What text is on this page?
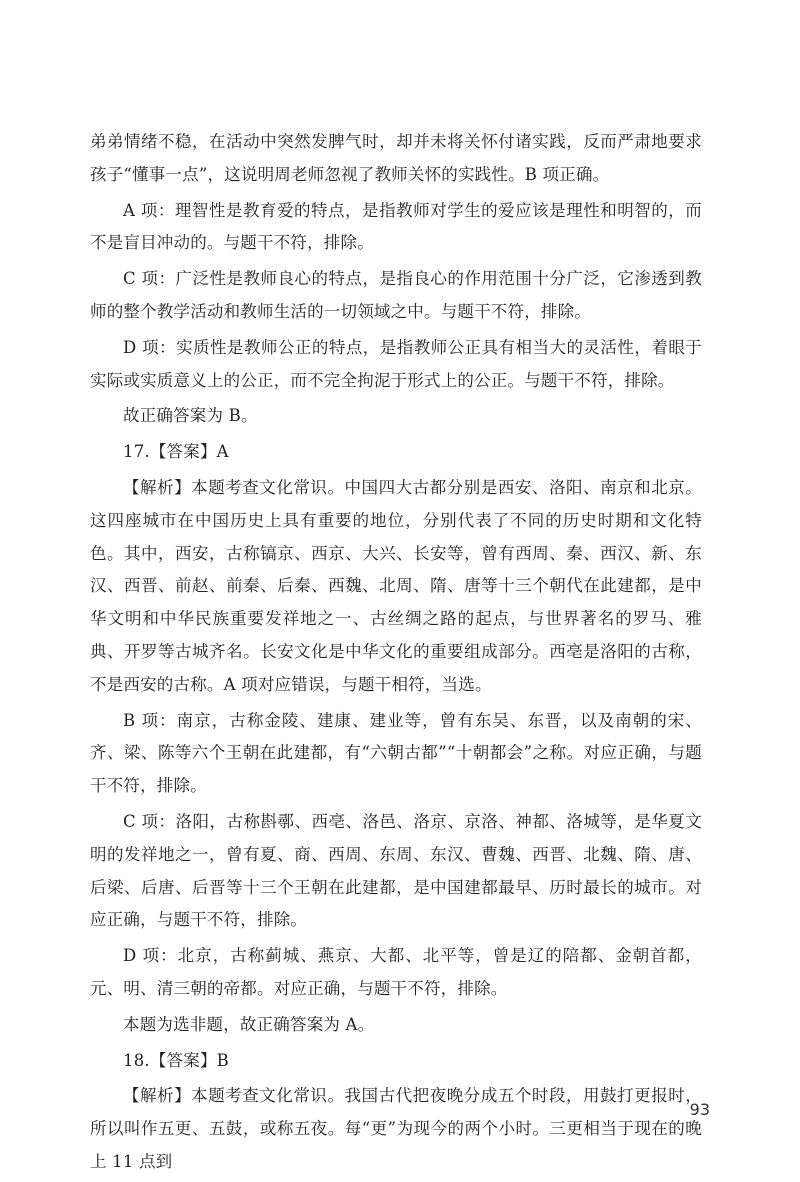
弟弟情绪不稳，在活动中突然发脾气时，却并未将关怀付诸实践，反而严肃地要求孩子“懂事一点”，这说明周老师忽视了教师关怀的实践性。B 项正确。

A 项：理智性是教育爱的特点，是指教师对学生的爱应该是理性和明智的，而不是盲目冲动的。与题干不符，排除。

C 项：广泛性是教师良心的特点，是指良心的作用范围十分广泛，它渗透到教师的整个教学活动和教师生活的一切领域之中。与题干不符，排除。

D 项：实质性是教师公正的特点，是指教师公正具有相当大的灵活性，着眼于实际或实质意义上的公正，而不完全拘泥于形式上的公正。与题干不符，排除。

故正确答案为 B。

17.【答案】A

【解析】本题考查文化常识。中国四大古都分别是西安、洛阳、南京和北京。这四座城市在中国历史上具有重要的地位，分别代表了不同的历史时期和文化特色。其中，西安，古称镐京、西京、大兴、长安等，曾有西周、秦、西汉、新、东汉、西晋、前赵、前秦、后秦、西魏、北周、隋、唐等十三个朝代在此建都，是中华文明和中华民族重要发祥地之一、古丝绸之路的起点，与世界著名的罗马、雅典、开罗等古城齐名。长安文化是中华文化的重要组成部分。西亳是洛阳的古称，不是西安的古称。A 项对应错误，与题干相符，当选。

B 项：南京，古称金陵、建康、建业等，曾有东吴、东晋，以及南朝的宋、齐、梁、陈等六个王朝在此建都，有“六朝古都”“十朝都会”之称。对应正确，与题干不符，排除。

C 项：洛阳，古称斟鄩、西亳、洛邑、洛京、京洛、神都、洛城等，是华夏文明的发祥地之一，曾有夏、商、西周、东周、东汉、曹魏、西晋、北魏、隋、唐、后梁、后唐、后晋等十三个王朝在此建都，是中国建都最早、历时最长的城市。对应正确，与题干不符，排除。

D 项：北京，古称蓟城、燕京、大都、北平等，曾是辽的陪都、金朝首都，元、明、清三朝的帝都。对应正确，与题干不符，排除。

本题为选非题，故正确答案为 A。

18.【答案】B

【解析】本题考查文化常识。我国古代把夜晚分成五个时段，用鼓打更报时，所以叫作五更、五鼓，或称五夜。每“更”为现今的两个小时。三更相当于现在的晚上 11 点到

93
